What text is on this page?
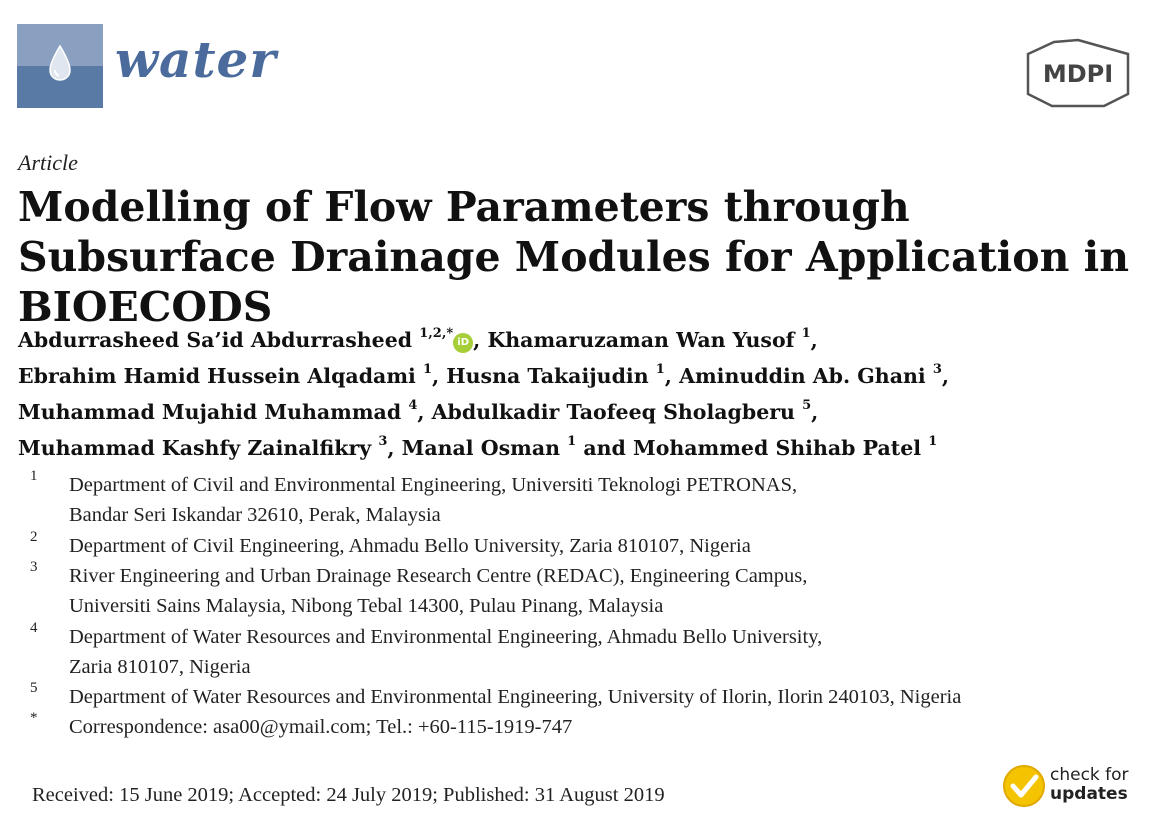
water	MDPI
Article
Modelling of Flow Parameters through Subsurface Drainage Modules for Application in BIOECODS
Abdurrasheed Sa’id Abdurrasheed $^{1,2,*}$iD , Khamaruzaman Wan Yusof $^1$,
Ebrahim Hamid Hussein Alqadami $^1$, Husna Takaijudin $^1$, Aminuddin Ab. Ghani $^3$,
Muhammad Mujahid Muhammad $^4$, Abdulkadir Taofeeq Sholagberu $^5$,
Muhammad Kashfy Zainalfikry $^3$, Manal Osman $^1$ and Mohammed Shihab Patel $^1$
1 Department of Civil and Environmental Engineering, Universiti Teknologi PETRONAS,
Bandar Seri Iskandar 32610, Perak, Malaysia
2 Department of Civil Engineering, Ahmadu Bello University, Zaria 810107, Nigeria
3 River Engineering and Urban Drainage Research Centre (REDAC), Engineering Campus,
Universiti Sains Malaysia, Nibong Tebal 14300, Pulau Pinang, Malaysia
4 Department of Water Resources and Environmental Engineering, Ahmadu Bello University,
Zaria 810107, Nigeria
5 Department of Water Resources and Environmental Engineering, University of Ilorin, Ilorin 240103, Nigeria
* Correspondence: asa00@ymail.com; Tel.: +60-115-1919-747
Received: 15 June 2019; Accepted: 24 July 2019; Published: 31 August 2019
check for
updates
